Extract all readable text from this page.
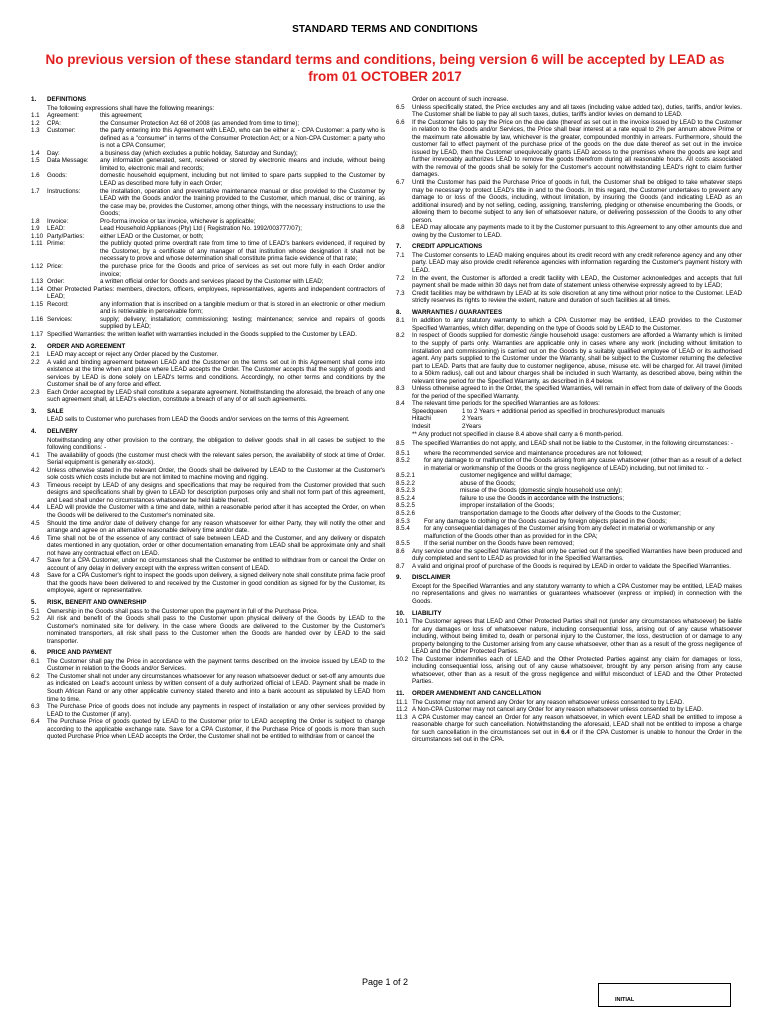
STANDARD TERMS AND CONDITIONS
No previous version of these standard terms and conditions, being version 6 will be accepted by LEAD as from 01 OCTOBER 2017
1.	DEFINITIONS
The following expressions shall have the following meanings:
1.1	Agreement:	this agreement;
1.2	CPA:	the Consumer Protection Act 68 of 2008 (as amended from time to time);
1.3	Customer:	the party entering into this Agreement with LEAD, who can be either a: - CPA Customer: a party who is defined as a "consumer" in terms of the Consumer Protection Act; or a Non-CPA Customer: a party who is not a CPA Consumer;
1.4	Day:	a business day (which excludes a public holiday, Saturday and Sunday);
1.5	Data Message:	any information generated, sent, received or stored by electronic means and include, without being limited to, electronic mail and records;
1.6	Goods:	domestic household equipment, including but not limited to spare parts supplied to the Customer by LEAD as described more fully in each Order;
1.7	Instructions:	the installation, operation and preventative maintenance manual or disc provided to the Customer by LEAD with the Goods and/or the training provided to the Customer, which manual, disc or training, as the case may be, provides the Customer, among other things, with the necessary instructions to use the Goods;
1.8	Invoice:	Pro-forma invoice or tax invoice, whichever is applicable;
1.9	LEAD:	Lead Household Appliances (Pty) Ltd ( Registration No. 1992/003777/07);
1.10 Party/Parties:	either LEAD or the Customer, or both;
1.11 Prime:	the publicly quoted prime overdraft rate from time to time of LEAD's bankers evidenced, if required by the Customer, by a certificate of any manager of that institution whose designation it shall not be necessary to prove and whose determination shall constitute prima facie evidence of that rate;
1.12 Price:	the purchase price for the Goods and price of services as set out more fully in each Order and/or invoice;
1.13 Order:	a written official order for Goods and services placed by the Customer with LEAD;
1.14 Other Protected Parties: members, directors, officers, employees, representatives, agents and independent contractors of LEAD;
1.15 Record:	any information that is inscribed on a tangible medium or that is stored in an electronic or other medium and is retrievable in perceivable form;
1.16 Services:	supply; delivery; installation; commissioning; testing; maintenance; service and repairs of goods supplied by LEAD;
1.17 Specified Warranties: the written leaflet with warranties included in the Goods supplied to the Customer by LEAD.
2.	ORDER AND AGREEMENT
2.1	LEAD may accept or reject any Order placed by the Customer.
2.2	A valid and binding agreement between LEAD and the Customer on the terms set out in this Agreement shall come into existence at the time when and place where LEAD accepts the Order. The Customer accepts that the supply of goods and services by LEAD is done solely on LEAD's terms and conditions. Accordingly, no other terms and conditions by the Customer shall be of any force and effect.
2.3	Each Order accepted by LEAD shall constitute a separate agreement. Notwithstanding the aforesaid, the breach of any one such agreement shall, at LEAD's election, constitute a breach of any of or all such agreements.
3.	SALE
LEAD sells to Customer who purchases from LEAD the Goods and/or services on the terms of this Agreement.
4.	DELIVERY
Notwithstanding any other provision to the contrary, the obligation to deliver goods shall in all cases be subject to the following conditions: -
4.1	The availability of goods (the customer must check with the relevant sales person, the availability of stock at time of Order. Serial equipment is generally ex-stock).
4.2	Unless otherwise stated in the relevant Order, the Goods shall be delivered by LEAD to the Customer at the Customer's sole costs which costs include but are not limited to machine moving and rigging.
4.3	Timeous receipt by LEAD of any designs and specifications that may be required from the Customer provided that such designs and specifications shall by given to LEAD for description purposes only and shall not form part of this agreement, and Lead shall under no circumstances whatsoever be held liable thereof.
4.4	LEAD will provide the Customer with a time and date, within a reasonable period after it has accepted the Order, on when the Goods will be delivered to the Customer's nominated site.
4.5	Should the time and/or date of delivery change for any reason whatsoever for either Party, they will notify the other and arrange and agree on an alternative reasonable delivery time and/or date.
4.6	Time shall not be of the essence of any contract of sale between LEAD and the Customer, and any delivery or dispatch dates mentioned in any quotation, order or other documentation emanating from LEAD shall be approximate only and shall not have any contractual effect on LEAD.
4.7	Save for a CPA Customer, under no circumstances shall the Customer be entitled to withdraw from or cancel the Order on account of any delay in delivery except with the express written consent of LEAD.
4.8	Save for a CPA Customer's right to inspect the goods upon delivery, a signed delivery note shall constitute prima facie proof that the goods have been delivered to and received by the Customer in good condition as signed for by the Customer, its employee, agent or representative.
5.	RISK, BENEFIT AND OWNERSHIP
5.1	Ownership in the Goods shall pass to the Customer upon the payment in full of the Purchase Price.
5.2	All risk and benefit of the Goods shall pass to the Customer upon physical delivery of the Goods by LEAD to the Customer's nominated site for delivery. In the case where Goods are delivered to the Customer by the Customer's nominated transporters, all risk shall pass to the Customer when the Goods are handed over by LEAD to the said transporter.
6.	PRICE AND PAYMENT
6.1	The Customer shall pay the Price in accordance with the payment terms described on the invoice issued by LEAD to the Customer in relation to the Goods and/or Services.
6.2	The Customer shall not under any circumstances whatsoever for any reason whatsoever deduct or set-off any amounts due as indicated on Lead's account unless by written consent of a duly authorized official of LEAD. Payment shall be made in South African Rand or any other applicable currency stated thereto and into a bank account as stipulated by LEAD from time to time.
6.3	The Purchase Price of goods does not include any payments in respect of installation or any other services provided by LEAD to the Customer (if any).
6.4	The Purchase Price of goods quoted by LEAD to the Customer prior to LEAD accepting the Order is subject to change according to the applicable exchange rate. Save for a CPA Customer, if the Purchase Price of goods is more than such quoted Purchase Price when LEAD accepts the Order, the Customer shall not be entitled to withdraw from or cancel the
Order on account of such increase.
6.5	Unless specifically stated, the Price excludes any and all taxes (including value added tax), duties, tariffs, and/or levies. The Customer shall be liable to pay all such taxes, duties, tariffs and/or levies on demand to LEAD.
6.6	If the Customer fails to pay the Price on the due date (thereof as set out in the invoice issued by LEAD to the Customer in relation to the Goods and/or Services, the Price shall bear interest at a rate equal to 2% per annum above Prime or the maximum rate allowable by law, whichever is the greater, compounded monthly in arrears. Furthermore, should the customer fail to effect payment of the purchase price of the goods on the due date thereof as set out in the invoice issued by LEAD, then the Customer unequivocally grants LEAD access to the premises where the goods are kept and further irrevocably authorizes LEAD to remove the goods therefrom during all reasonable hours. All costs associated with the removal of the goods shall be solely for the Customer's account notwithstanding LEAD's right to claim further damages.
6.7	Until the Customer has paid the Purchase Price of goods in full, the Customer shall be obliged to take whatever steps may be necessary to protect LEAD's title in and to the Goods. In this regard, the Customer undertakes to prevent any damage to or loss of the Goods, including, without limitation, by insuring the Goods (and indicating LEAD as an additional insured) and by not selling, ceding, assigning, transferring, pledging or otherwise encumbering the Goods, or allowing them to become subject to any lien of whatsoever nature, or delivering possession of the Goods to any other person.
6.8	LEAD may allocate any payments made to it by the Customer pursuant to this Agreement to any other amounts due and owing by the Customer to LEAD.
7.	CREDIT APPLICATIONS
7.1	The Customer consents to LEAD making enquires about its credit record with any credit reference agency and any other party. LEAD may also provide credit reference agencies with information regarding the Customer's payment history with LEAD.
7.2	In the event, the Customer is afforded a credit facility with LEAD, the Customer acknowledges and accepts that full payment shall be made within 30 days net from date of statement unless otherwise expressly agreed to by LEAD;
7.3	Credit facilities may be withdrawn by LEAD at its sole discretion at any time without prior notice to the Customer. LEAD strictly reserves its rights to review the extent, nature and duration of such facilities at all times.
8.	WARRANTIES / GUARANTEES
8.1	In addition to any statutory warranty to which a CPA Customer may be entitled, LEAD provides to the Customer Specified Warranties, which differ, depending on the type of Goods sold by LEAD to the Customer.
8.2	In respect of Goods supplied for domestic /single household usage: customers are afforded a Warranty which is limited to the supply of parts only. Warranties are applicable only in cases where any work (including without limitation to installation and commissioning) is carried out on the Goods by a suitably qualified employee of LEAD or its authorised agent. Any parts supplied to the Customer under the Warranty, shall be subject to the Customer returning the defective part to LEAD. Parts that are faulty due to customer negligence, abuse, misuse etc. will be charged for. All travel (limited to a 50km radius), call out and labour charges shall be included in such Warranty, as described above, being within the relevant time period for the Specified Warranty, as described in 8.4 below.
8.3	Unless otherwise agreed to in the Order, the specified Warranties, will remain in effect from date of delivery of the Goods for the period of the specified Warranty.
8.4	The relevant time periods for the specified Warranties are as follows:
Speedqueen	1 to 2 Years + additional period as specified in brochures/product manuals
Hitachi	2 Years
Indesit	2Years
** Any product not specified in clause 8.4 above shall carry a 6 month-period.
8.5	The specified Warranties do not apply, and LEAD shall not be liable to the Customer, in the following circumstances: -
8.5.1	where the recommended service and maintenance procedures are not followed;
8.5.2	for any damage to or malfunction of the Goods arising from any cause whatsoever (other than as a result of a defect in material or workmanship of the Goods or the gross negligence of LEAD) including, but not limited to: -
8.5.2.1	customer negligence and willful damage;
8.5.2.2	abuse of the Goods;
8.5.2.3	misuse of the Goods (domestic single household use only);
8.5.2.4	failure to use the Goods in accordance with the Instructions;
8.5.2.5	improper installation of the Goods;
8.5.2.6	transportation damage to the Goods after delivery of the Goods to the Customer;
8.5.3	For any damage to clothing or the Goods caused by foreign objects placed in the Goods;
8.5.4	for any consequential damages of the Customer arising from any defect in material or workmanship or any malfunction of the Goods other than as provided for in the CPA;
8.5.5	If the serial number on the Goods have been removed;
8.6	Any service under the specified Warranties shall only be carried out if the specified Warranties have been produced and duly completed and sent to LEAD as provided for in the Specified Warranties.
8.7	A valid and original proof of purchase of the Goods is required by LEAD in order to validate the Specified Warranties.
9.	DISCLAIMER
Except for the Specified Warranties and any statutory warranty to which a CPA Customer may be entitled, LEAD makes no representations and gives no warranties or guarantees whatsoever (express or implied) in connection with the Goods.
10.	LIABILITY
10.1 The Customer agrees that LEAD and Other Protected Parties shall not (under any circumstances whatsoever) be liable for any damages or loss of whatsoever nature, including consequential loss, arising out of any cause whatsoever including, without being limited to, death or personal injury to the Customer, the loss, destruction of or damage to any property belonging to the Customer arising from any cause whatsoever, other than as a result of the gross negligence of LEAD and the Other Protected Parties.
10.2 The Customer indemnifies each of LEAD and the Other Protected Parties against any claim for damages or loss, including consequential loss, arising out of any cause whatsoever, brought by any person arising from any cause whatsoever, other than as a result of the gross negligence and willful misconduct of LEAD and the Other Protected Parties.
11.	ORDER AMENDMENT AND CANCELLATION
11.1 The Customer may not amend any Order for any reason whatsoever unless consented to by LEAD.
11.2 A Non-CPA Customer may not cancel any Order for any reason whatsoever unless consented to by LEAD.
11.3 A CPA Customer may cancel an Order for any reason whatsoever, in which event LEAD shall be entitled to impose a reasonable charge for such cancellation. Notwithstanding the aforesaid, LEAD shall not be entitled to impose a charge for such cancellation in the circumstances set out in 6.4 or if the CPA Customer is unable to honour the Order in the circumstances set out in the CPA.
Page 1 of 2
INITIAL
